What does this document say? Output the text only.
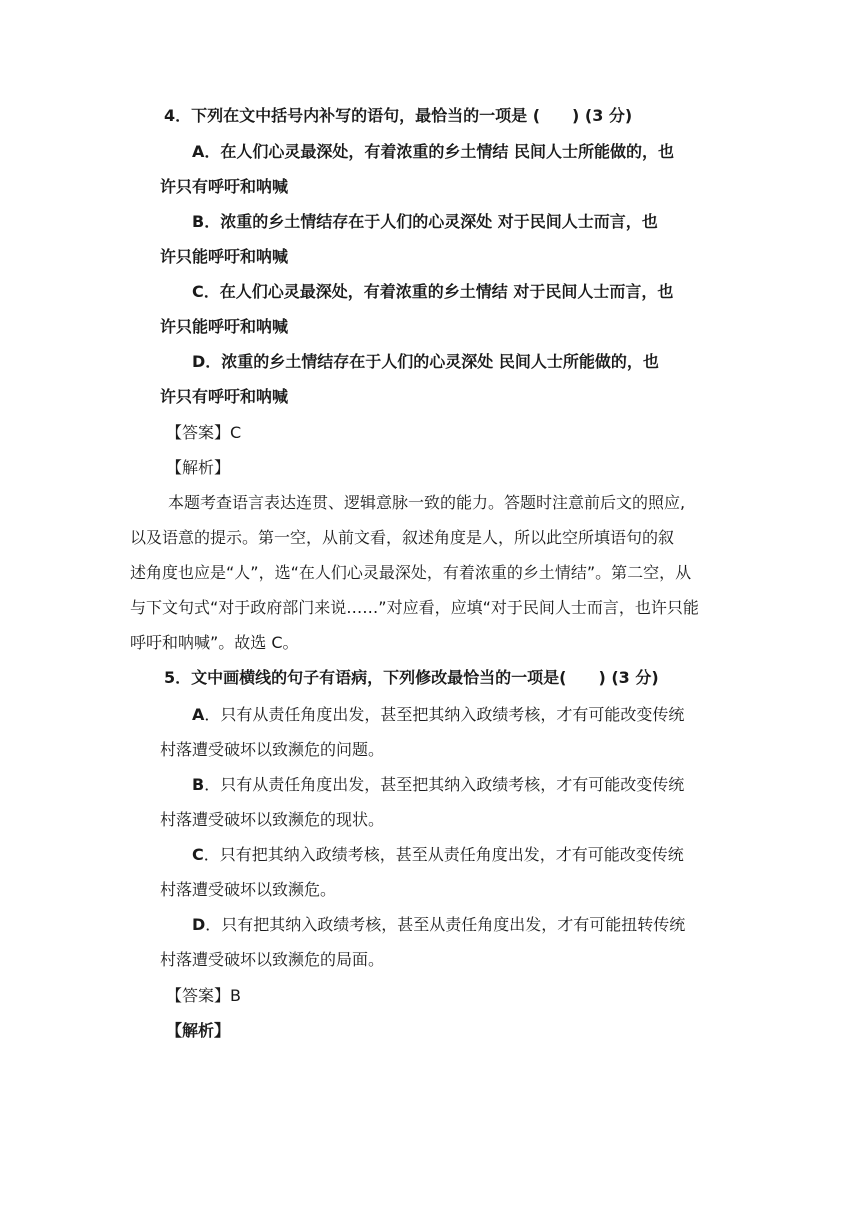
4．下列在文中括号内补写的语句，最恰当的一项是 (　　) (3 分)
A．在人们心灵最深处，有着浓重的乡土情结 民间人士所能做的，也
许只有呼吁和呐喊
B．浓重的乡土情结存在于人们的心灵深处 对于民间人士而言，也
许只能呼吁和呐喊
C．在人们心灵最深处，有着浓重的乡土情结 对于民间人士而言，也
许只能呼吁和呐喊
D．浓重的乡土情结存在于人们的心灵深处 民间人士所能做的，也
许只有呼吁和呐喊
【答案】C
【解析】
本题考查语言表达连贯、逻辑意脉一致的能力。答题时注意前后文的照应,
以及语意的提示。第一空，从前文看，叙述角度是人，所以此空所填语句的叙
述角度也应是“人”，选“在人们心灵最深处，有着浓重的乡土情结”。第二空，从
与下文句式“对于政府部门来说……”对应看，应填“对于民间人士而言，也许只能
呼吁和呐喊”。故选 C。
5．文中画横线的句子有语病，下列修改最恰当的一项是(　　) (3 分)
A．只有从责任角度出发，甚至把其纳入政绩考核，才有可能改变传统
村落遭受破坏以致濒危的问题。
B．只有从责任角度出发，甚至把其纳入政绩考核，才有可能改变传统
村落遭受破坏以致濒危的现状。
C．只有把其纳入政绩考核，甚至从责任角度出发，才有可能改变传统
村落遭受破坏以致濒危。
D．只有把其纳入政绩考核，甚至从责任角度出发，才有可能扭转传统
村落遭受破坏以致濒危的局面。
【答案】B
【解析】
